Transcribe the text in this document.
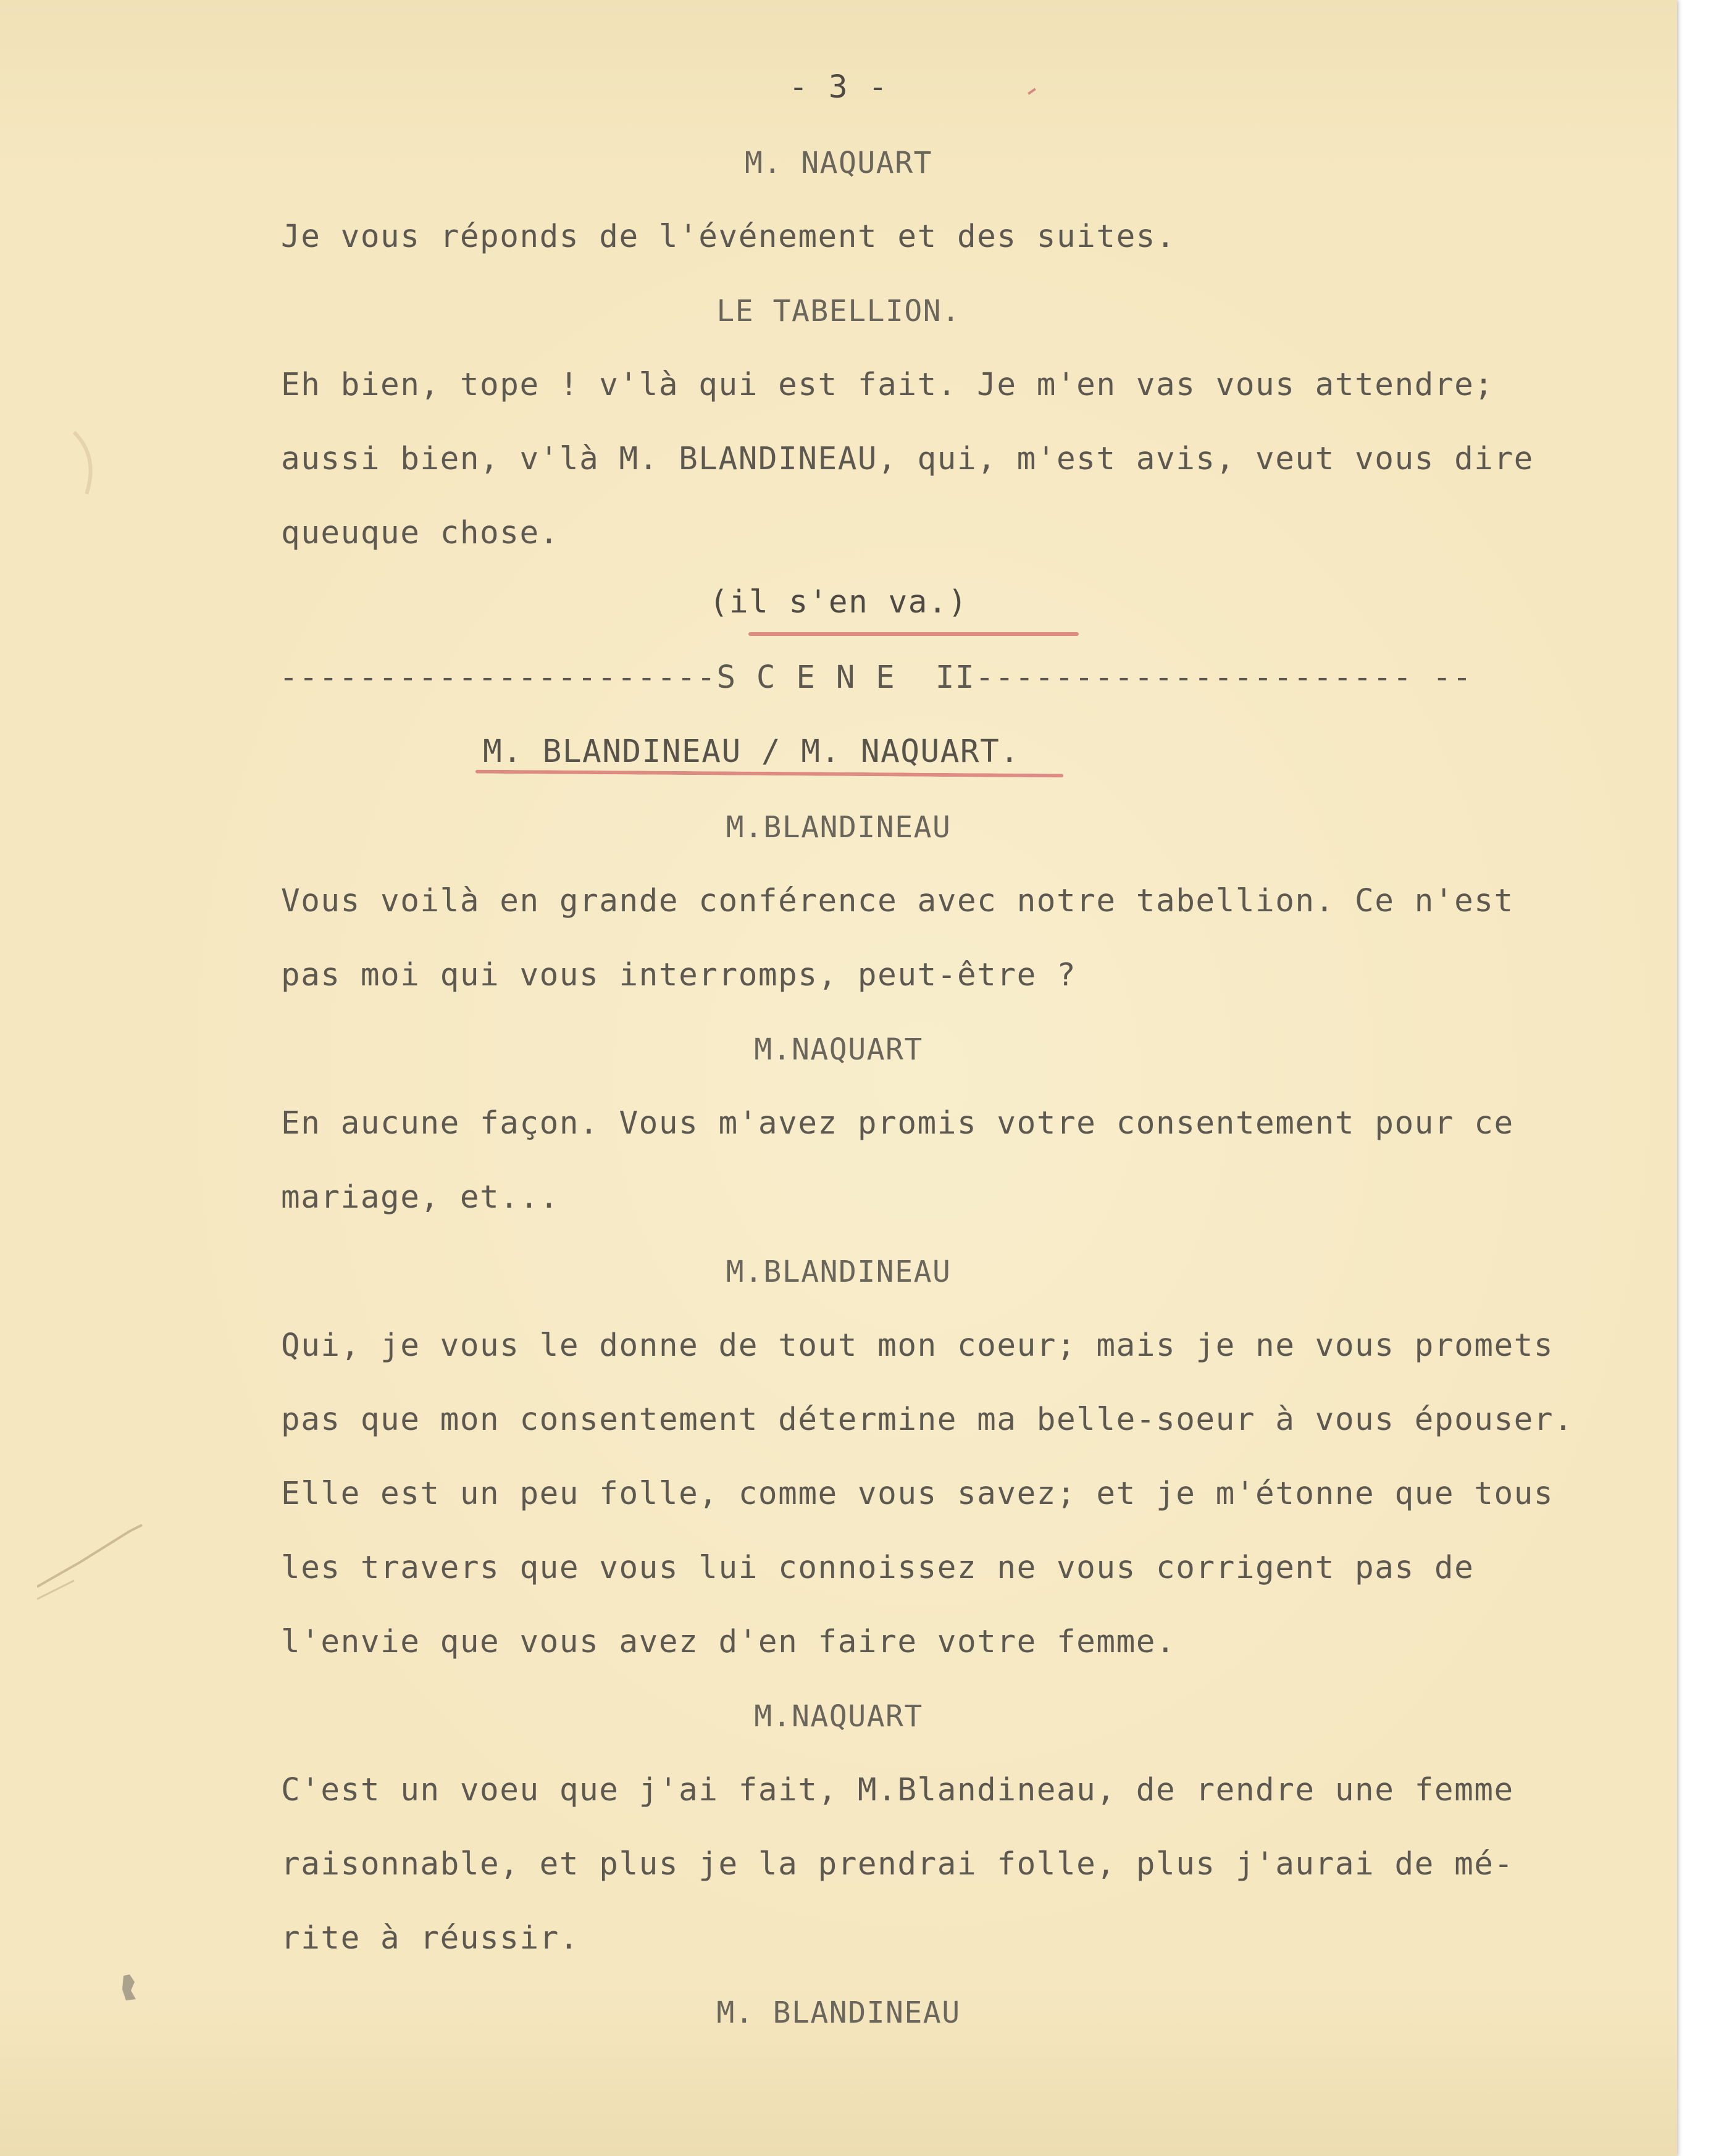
- 3 -

M. NAQUART

Je vous réponds de l'événement et des suites.

LE TABELLION.

Eh bien, tope ! v'là qui est fait. Je m'en vas vous attendre;

aussi bien, v'là M. BLANDINEAU, qui, m'est avis, veut vous dire

queuque chose.

(il s'en va.)

----------------------S C E N E  II---------------------- --

M. BLANDINEAU / M. NAQUART.

M.BLANDINEAU

Vous voilà en grande conférence avec notre tabellion. Ce n'est

pas moi qui vous interromps, peut-être ?

M.NAQUART

En aucune façon. Vous m'avez promis votre consentement pour ce

mariage, et...

M.BLANDINEAU

Qui, je vous le donne de tout mon coeur; mais je ne vous promets

pas que mon consentement détermine ma belle-soeur à vous épouser.

Elle est un peu folle, comme vous savez; et je m'étonne que tous

les travers que vous lui connoissez ne vous corrigent pas de

l'envie que vous avez d'en faire votre femme.

M.NAQUART

C'est un voeu que j'ai fait, M.Blandineau, de rendre une femme

raisonnable, et plus je la prendrai folle, plus j'aurai de mé-

rite à réussir.

M. BLANDINEAU
